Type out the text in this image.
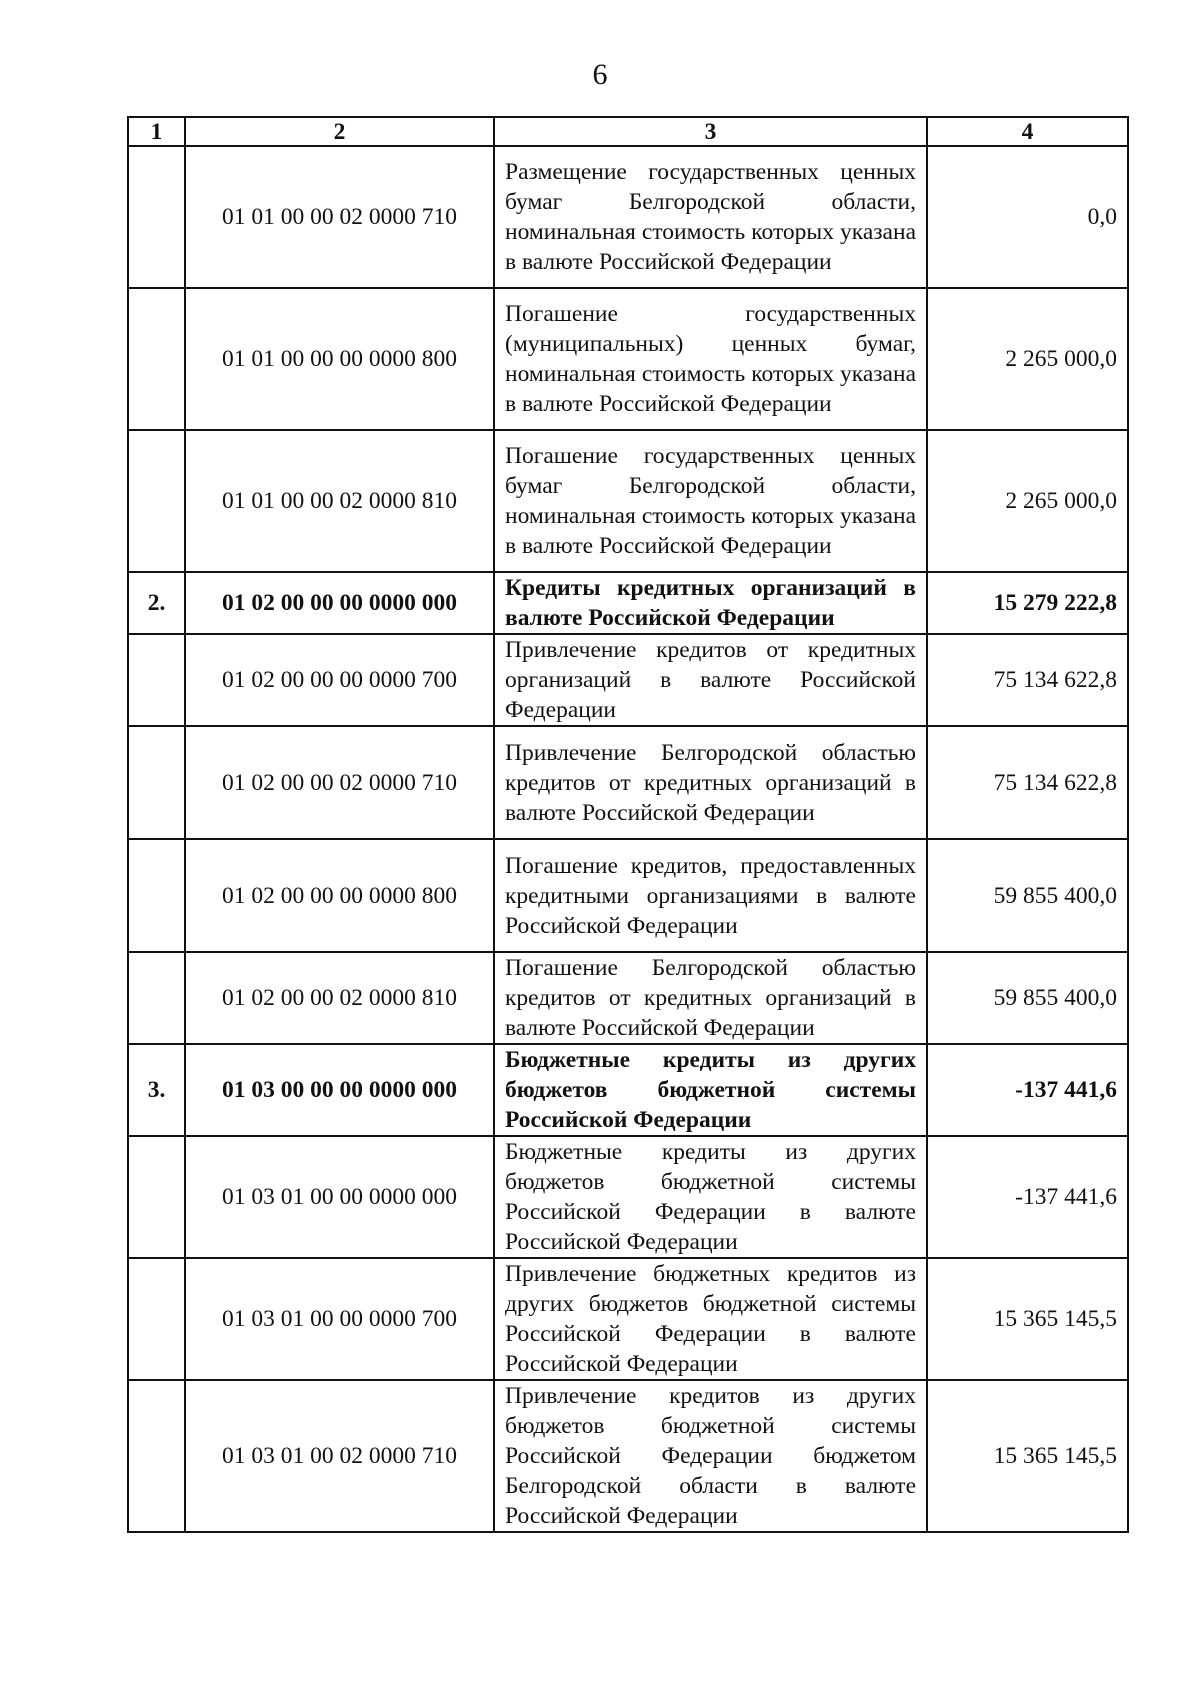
6
1	2	3	4
	01 01 00 00 02 0000 710	Размещение государственных ценных бумаг Белгородской области, номинальная стоимость которых указана в валюте Российской Федерации	0,0
	01 01 00 00 00 0000 800	Погашение государственных (муниципальных) ценных бумаг, номинальная стоимость которых указана в валюте Российской Федерации	2 265 000,0
	01 01 00 00 02 0000 810	Погашение государственных ценных бумаг Белгородской области, номинальная стоимость которых указана в валюте Российской Федерации	2 265 000,0
2.	01 02 00 00 00 0000 000	Кредиты кредитных организаций в валюте Российской Федерации	15 279 222,8
	01 02 00 00 00 0000 700	Привлечение кредитов от кредитных организаций в валюте Российской Федерации	75 134 622,8
	01 02 00 00 02 0000 710	Привлечение Белгородской областью кредитов от кредитных организаций в валюте Российской Федерации	75 134 622,8
	01 02 00 00 00 0000 800	Погашение кредитов, предоставленных кредитными организациями в валюте Российской Федерации	59 855 400,0
	01 02 00 00 02 0000 810	Погашение Белгородской областью кредитов от кредитных организаций в валюте Российской Федерации	59 855 400,0
3.	01 03 00 00 00 0000 000	Бюджетные кредиты из других бюджетов бюджетной системы Российской Федерации	-137 441,6
	01 03 01 00 00 0000 000	Бюджетные кредиты из других бюджетов бюджетной системы Российской Федерации в валюте Российской Федерации	-137 441,6
	01 03 01 00 00 0000 700	Привлечение бюджетных кредитов из других бюджетов бюджетной системы Российской Федерации в валюте Российской Федерации	15 365 145,5
	01 03 01 00 02 0000 710	Привлечение кредитов из других бюджетов бюджетной системы Российской Федерации бюджетом Белгородской области в валюте Российской Федерации	15 365 145,5
